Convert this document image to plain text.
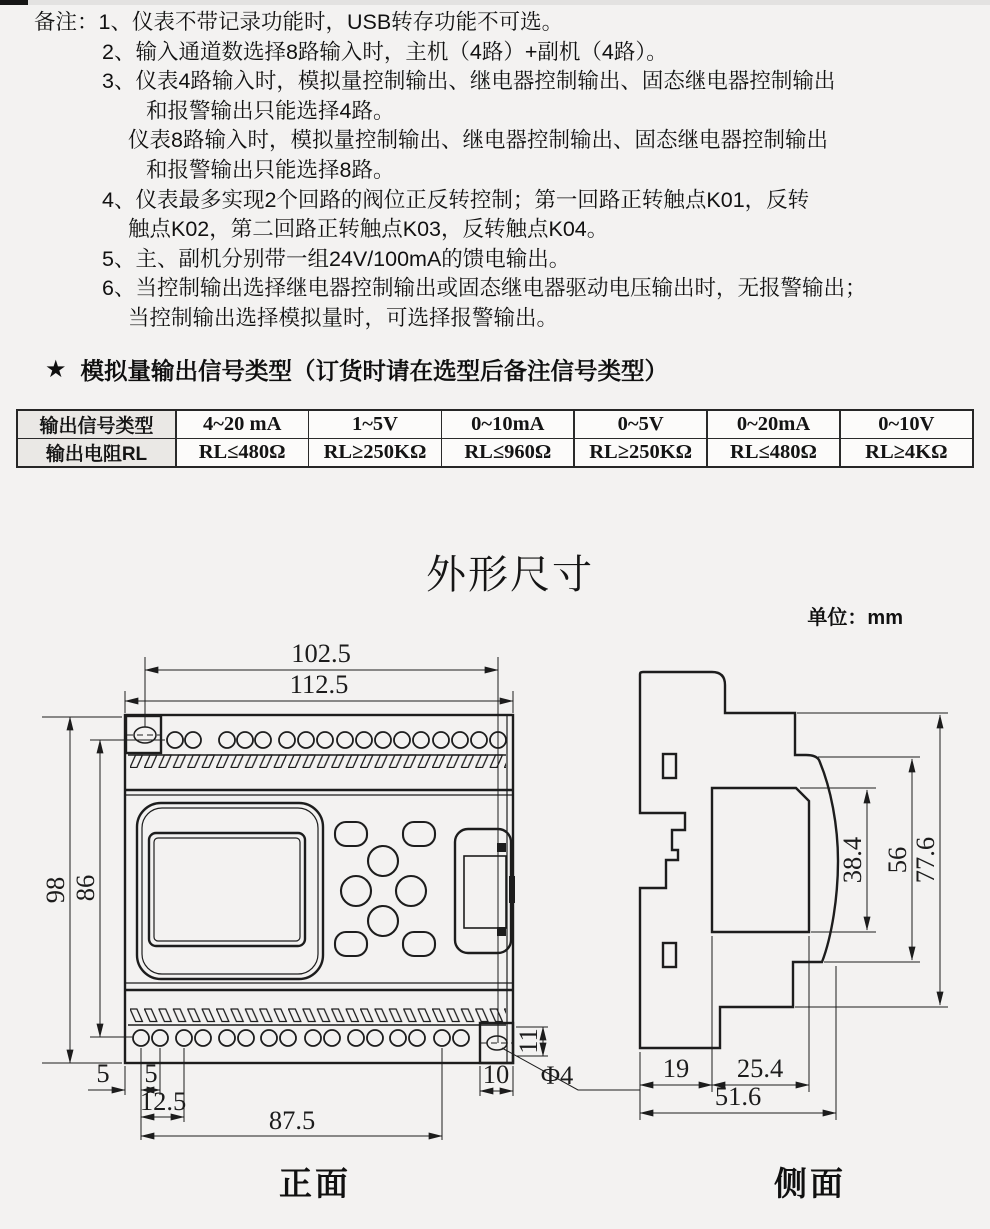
备注：1、仪表不带记录功能时，USB转存功能不可选。

2、输入通道数选择8路输入时，主机（4路）+副机（4路）。

3、仪表4路输入时，模拟量控制输出、继电器控制输出、固态继电器控制输出

和报警输出只能选择4路。

仪表8路输入时，模拟量控制输出、继电器控制输出、固态继电器控制输出

和报警输出只能选择8路。

4、仪表最多实现2个回路的阀位正反转控制；第一回路正转触点K01，反转

触点K02，第二回路正转触点K03，反转触点K04。

5、主、副机分别带一组24V/100mA的馈电输出。

6、当控制输出选择继电器控制输出或固态继电器驱动电压输出时，无报警输出；

当控制输出选择模拟量时，可选择报警输出。

★ 模拟量输出信号类型（订货时请在选型后备注信号类型）
输出信号类型	4~20 mA	1~5V	0~10mA	0~5V	0~20mA	0~10V
输出电阻RL	RL≤480Ω	RL≥250KΩ	RL≤960Ω	RL≥250KΩ	RL≤480Ω	RL≥4KΩ
外形尺寸
单位：mm
102.5
112.5
98 86
5 5
12.5
87.5
10
11
Φ4
38.4 56
77.6
19 25.4
51.6
正面	侧面
